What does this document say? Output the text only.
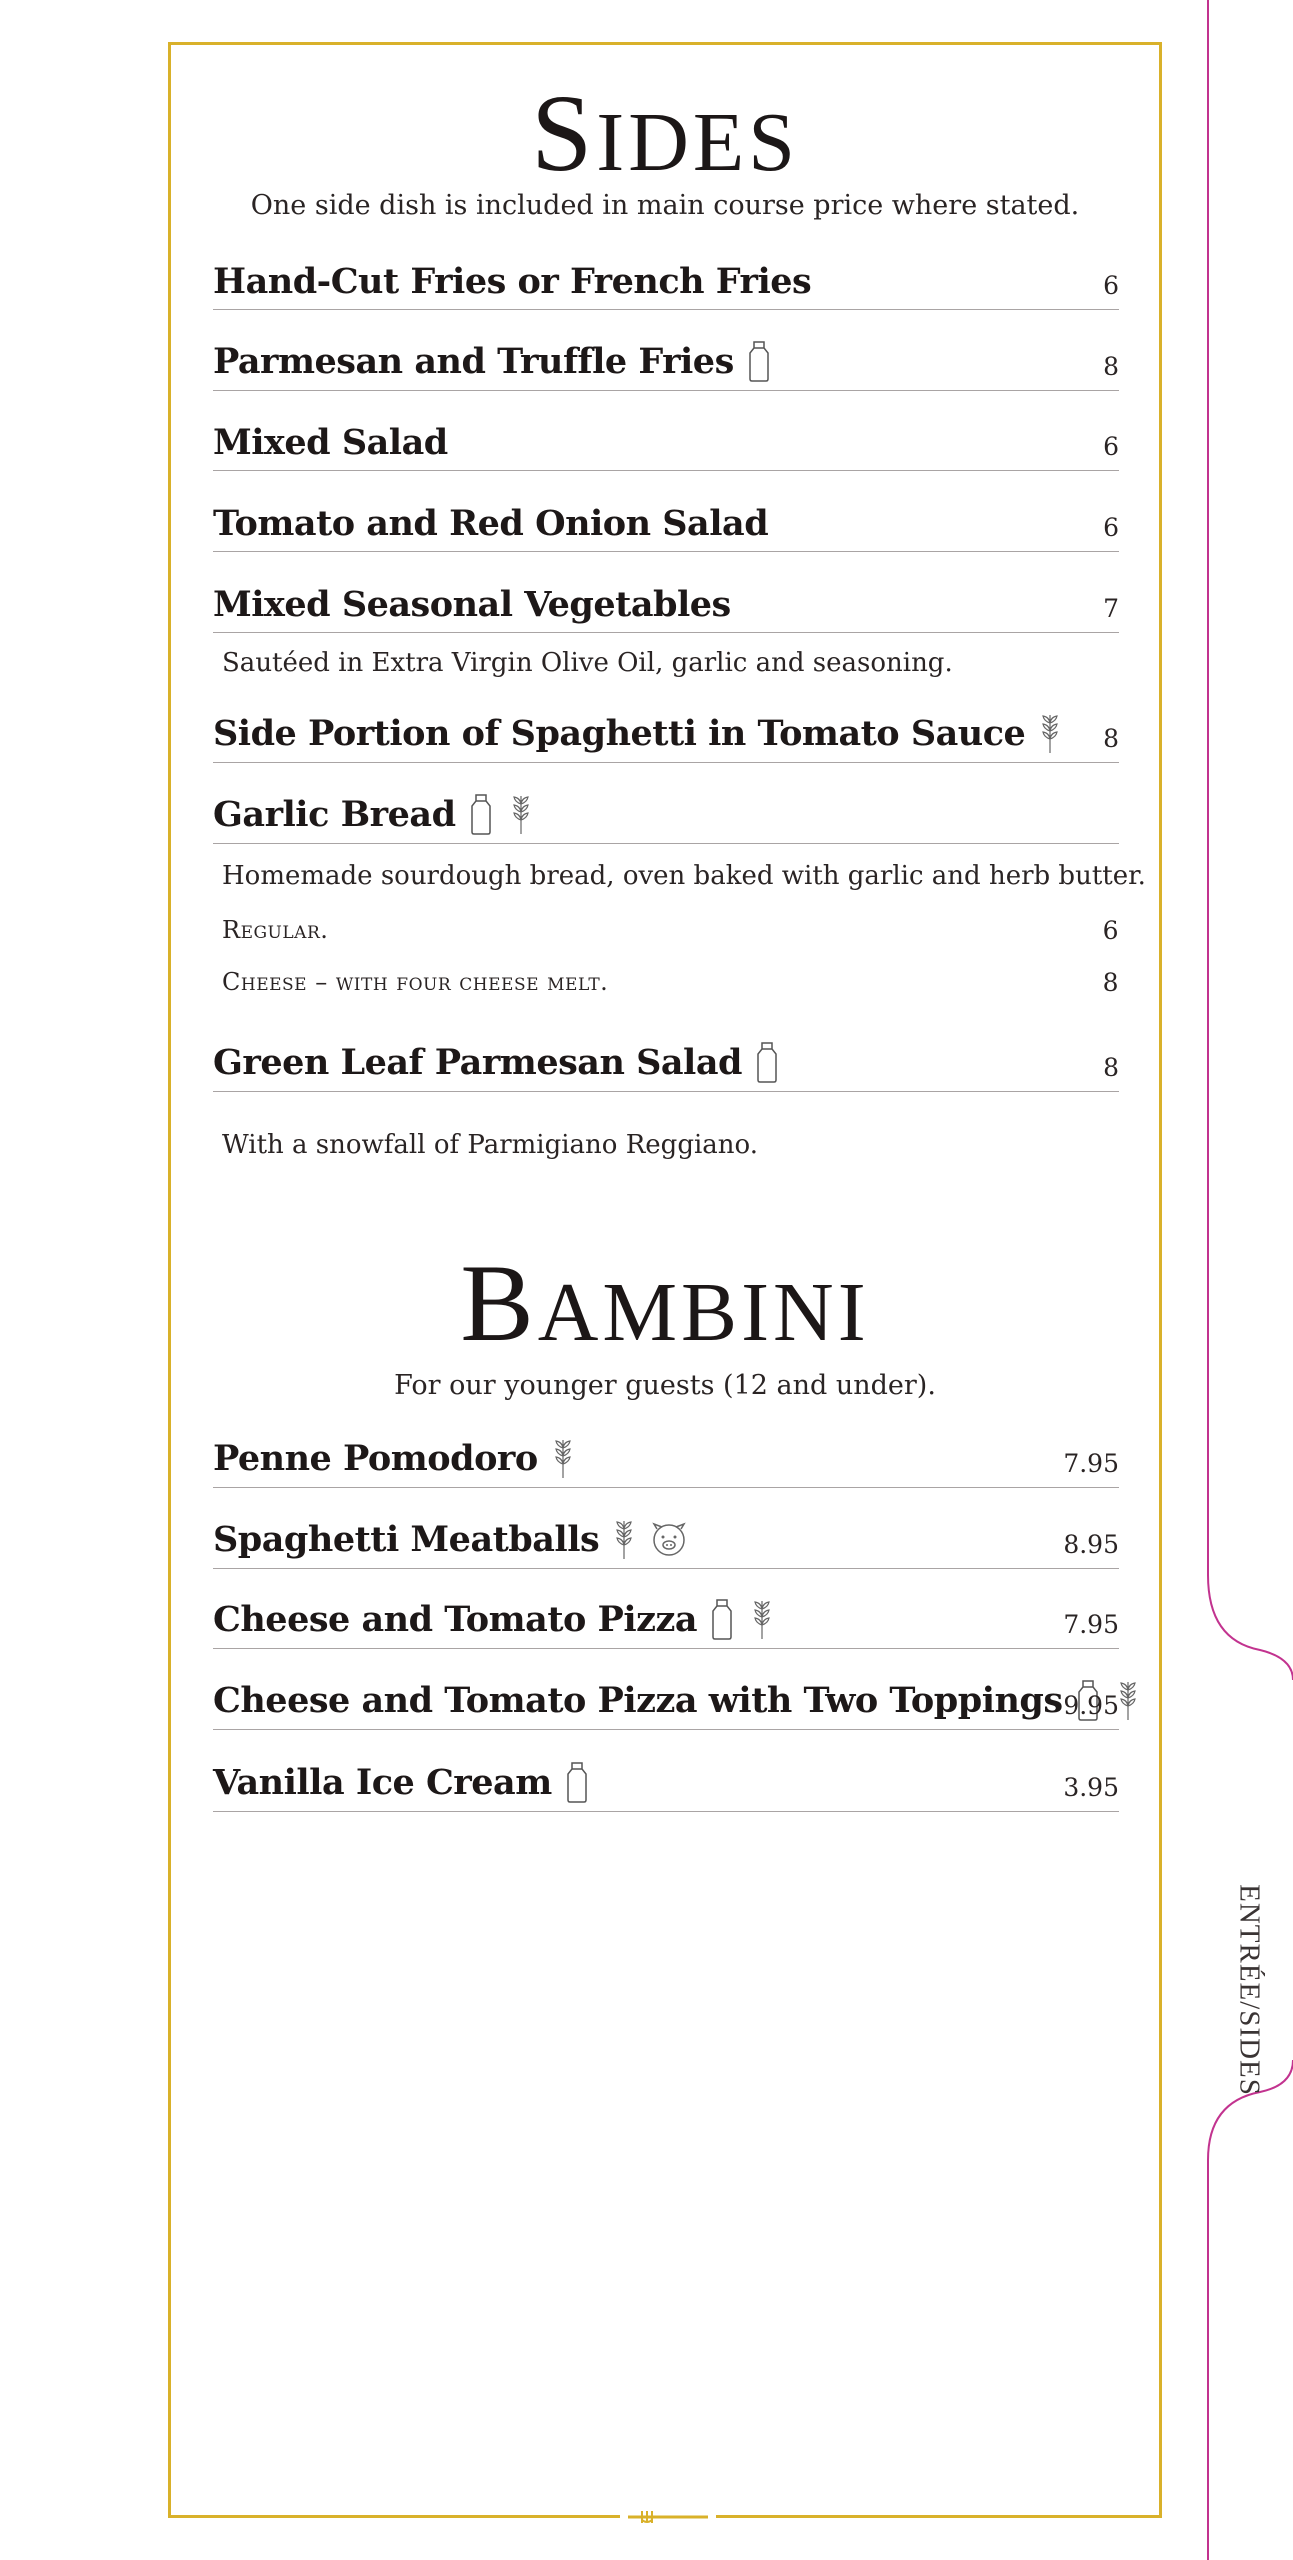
ENTRÉE/SIDES
SIDES

One side dish is included in main course price where stated.

Hand-Cut Fries or French Fries	6
Parmesan and Truffle Fries	8
Mixed Salad	6
Tomato and Red Onion Salad	6
Mixed Seasonal Vegetables	7

Sautéed in Extra Virgin Olive Oil, garlic and seasoning.

Side Portion of Spaghetti in Tomato Sauce	8
Garlic Bread

Homemade sourdough bread, oven baked with garlic and herb butter.

Regular.	6
Cheese – with four cheese melt.	8
Green Leaf Parmesan Salad	8

With a snowfall of Parmigiano Reggiano.

BAMBINI

For our younger guests (12 and under).

Penne Pomodoro	7.95
Spaghetti Meatballs	8.95
Cheese and Tomato Pizza	7.95
Cheese and Tomato Pizza with Two Toppings 9.95
Vanilla Ice Cream	3.95
